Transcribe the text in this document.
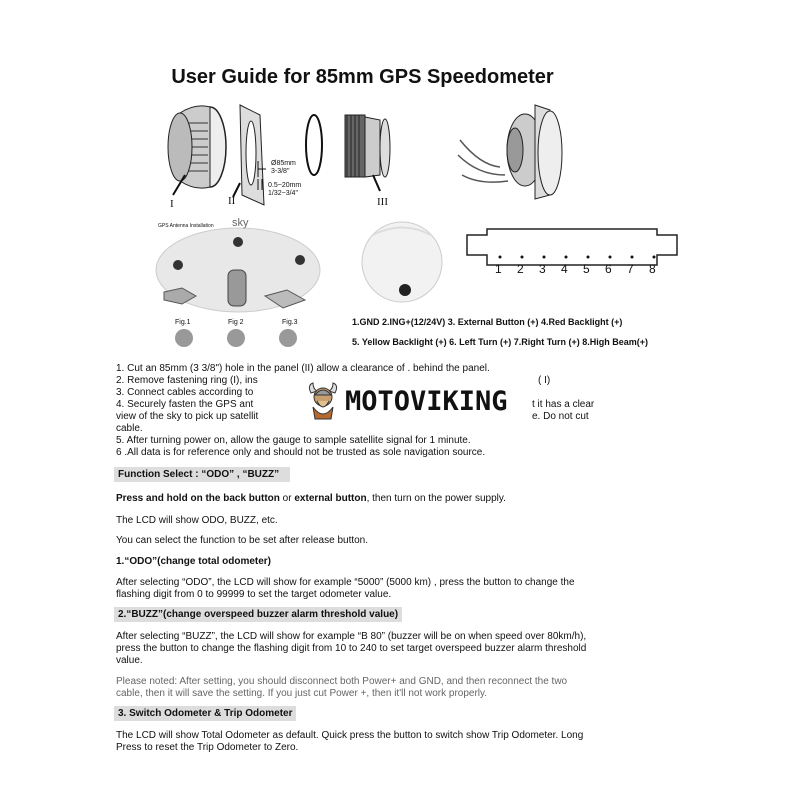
User Guide for 85mm GPS Speedometer
I	II	III
Ø85mm
3-3/8"
0.5~20mm
1/32~3/4"
GPS Antenna Installation sky
Fig.1	Fig 2	Fig.3
1 2 3 4 5 6 7 8
1.GND 2.ING+(12/24V) 3. External Button (+) 4.Red Backlight (+)
5. Yellow Backlight (+) 6. Left Turn (+) 7.Right Turn (+) 8.High Beam(+)
1. Cut an 85mm (3 3/8") hole in the panel (II) allow a clearance of . behind the panel.
2. Remove fastening ring (I), ins
3. Connect cables according to
4. Securely fasten the GPS ant
view of the sky to pick up satellit
cable.
5. After turning power on, allow the gauge to sample satellite signal for 1 minute.
6 .All data is for reference only and should not be trusted as sole navigation source.
( I)
t it has a clear
e. Do not cut
MOTOVIKING
Function Select : “ODO” , “BUZZ”
Press and hold on the back button or external button, then turn on the power supply.
The LCD will show ODO, BUZZ, etc.
You can select the function to be set after release button.
1.“ODO”(change total odometer)
After selecting “ODO”, the LCD will show for example “5000” (5000 km) , press the button to change the
flashing digit from 0 to 99999 to set the target odometer value.
2.“BUZZ”(change overspeed buzzer alarm threshold value)
After selecting “BUZZ”, the LCD will show for example “B 80” (buzzer will be on when speed over 80km/h),
press the button to change the flashing digit from 10 to 240 to set target overspeed buzzer alarm threshold
value.
Please noted: After setting, you should disconnect both Power+ and GND, and then reconnect the two
cable, then it will save the setting. If you just cut Power +, then it'll not work properly.
3. Switch Odometer & Trip Odometer
The LCD will show Total Odometer as default. Quick press the button to switch show Trip Odometer. Long
Press to reset the Trip Odometer to Zero.
